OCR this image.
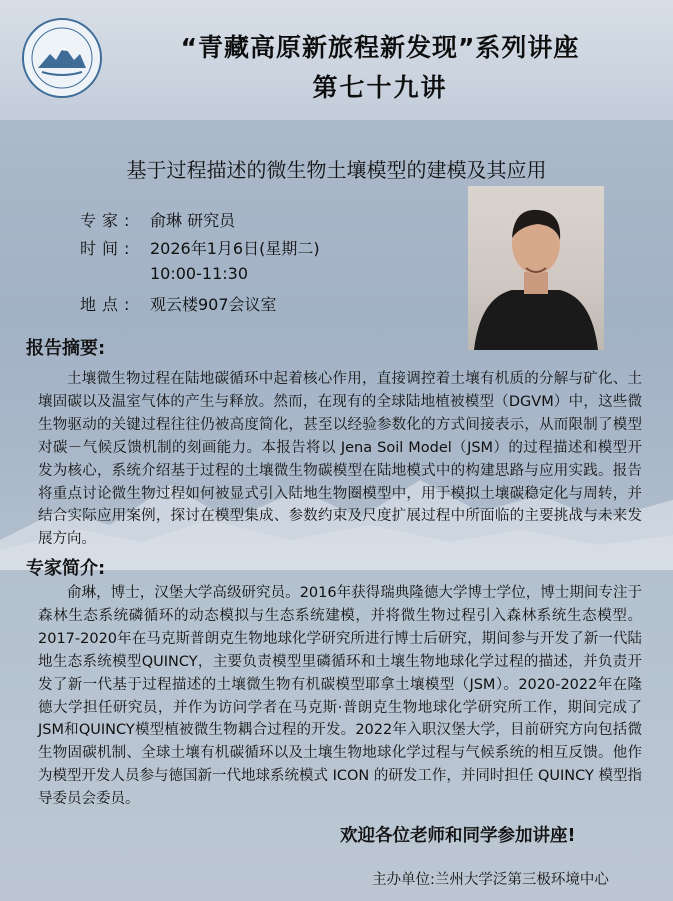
“青藏高原新旅程新发现”系列讲座
第七十九讲
基于过程描述的微生物土壤模型的建模及其应用
专家: 俞琳 研究员
时间: 2026年1月6日(星期二)
10:00-11:30
地点: 观云楼907会议室
报告摘要:
土壤微生物过程在陆地碳循环中起着核心作用，直接调控着土壤有机质的分解与矿化、土壤固碳以及温室气体的产生与释放。然而，在现有的全球陆地植被模型（DGVM）中，这些微生物驱动的关键过程往往仍被高度简化，甚至以经验参数化的方式间接表示，从而限制了模型对碳－气候反馈机制的刻画能力。本报告将以 Jena Soil Model（JSM）的过程描述和模型开发为核心，系统介绍基于过程的土壤微生物碳模型在陆地模式中的构建思路与应用实践。报告将重点讨论微生物过程如何被显式引入陆地生物圈模型中，用于模拟土壤碳稳定化与周转，并结合实际应用案例，探讨在模型集成、参数约束及尺度扩展过程中所面临的主要挑战与未来发展方向。
专家简介:
俞琳，博士，汉堡大学高级研究员。2016年获得瑞典隆德大学博士学位，博士期间专注于森林生态系统磷循环的动态模拟与生态系统建模，并将微生物过程引入森林系统生态模型。2017-2020年在马克斯普朗克生物地球化学研究所进行博士后研究，期间参与开发了新一代陆地生态系统模型QUINCY，主要负责模型里磷循环和土壤生物地球化学过程的描述，并负责开发了新一代基于过程描述的土壤微生物有机碳模型耶拿土壤模型（JSM）。2020-2022年在隆德大学担任研究员，并作为访问学者在马克斯·普朗克生物地球化学研究所工作，期间完成了JSM和QUINCY模型植被微生物耦合过程的开发。2022年入职汉堡大学，目前研究方向包括微生物固碳机制、全球土壤有机碳循环以及土壤生物地球化学过程与气候系统的相互反馈。他作为模型开发人员参与德国新一代地球系统模式 ICON 的研发工作，并同时担任 QUINCY 模型指导委员会委员。
欢迎各位老师和同学参加讲座!
主办单位:兰州大学泛第三极环境中心
